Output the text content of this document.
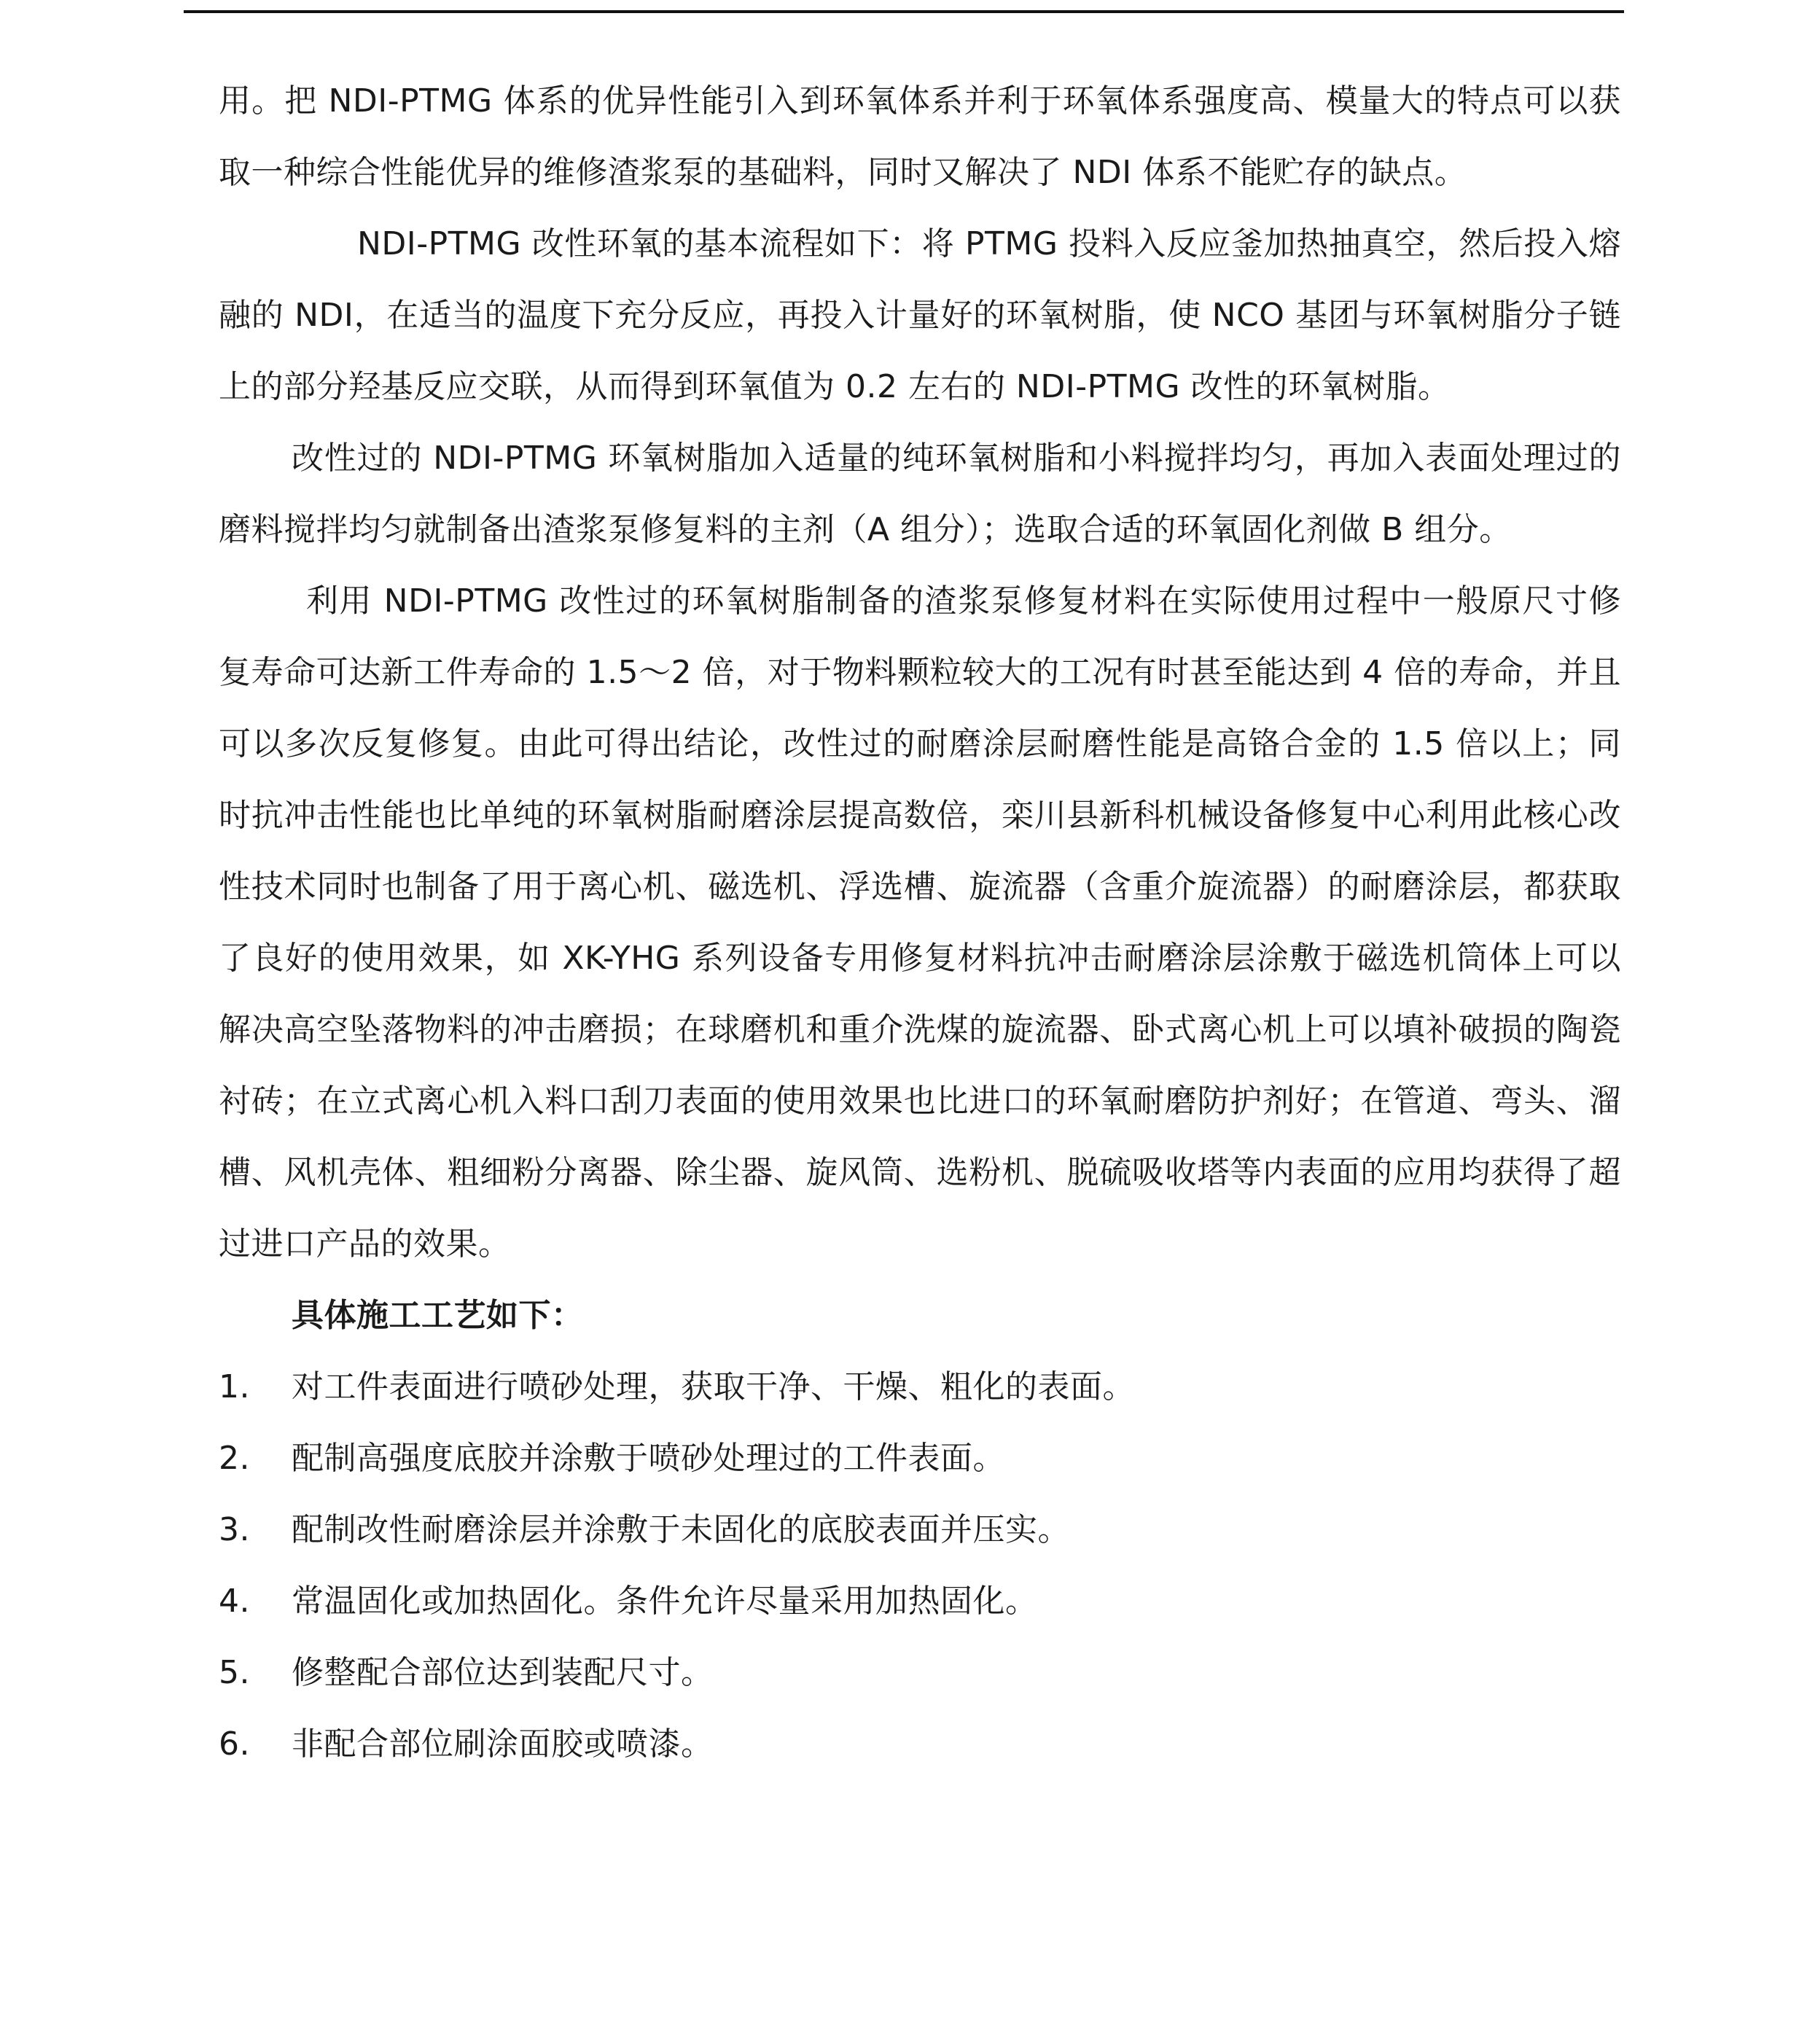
用。把 NDI-PTMG 体系的优异性能引入到环氧体系并利于环氧体系强度高、模量大的特点可以获取一种综合性能优异的维修渣浆泵的基础料，同时又解决了 NDI 体系不能贮存的缺点。

NDI-PTMG 改性环氧的基本流程如下：将 PTMG 投料入反应釜加热抽真空，然后投入熔融的 NDI，在适当的温度下充分反应，再投入计量好的环氧树脂，使 NCO 基团与环氧树脂分子链上的部分羟基反应交联，从而得到环氧值为 0.2 左右的 NDI-PTMG 改性的环氧树脂。

改性过的 NDI-PTMG 环氧树脂加入适量的纯环氧树脂和小料搅拌均匀，再加入表面处理过的磨料搅拌均匀就制备出渣浆泵修复料的主剂（A 组分）；选取合适的环氧固化剂做 B 组分。

利用 NDI-PTMG 改性过的环氧树脂制备的渣浆泵修复材料在实际使用过程中一般原尺寸修复寿命可达新工件寿命的 1.5～2 倍，对于物料颗粒较大的工况有时甚至能达到 4 倍的寿命，并且可以多次反复修复。由此可得出结论，改性过的耐磨涂层耐磨性能是高铬合金的 1.5 倍以上；同时抗冲击性能也比单纯的环氧树脂耐磨涂层提高数倍，栾川县新科机械设备修复中心利用此核心改性技术同时也制备了用于离心机、磁选机、浮选槽、旋流器（含重介旋流器）的耐磨涂层，都获取了良好的使用效果，如 XK-YHG 系列设备专用修复材料抗冲击耐磨涂层涂敷于磁选机筒体上可以解决高空坠落物料的冲击磨损；在球磨机和重介洗煤的旋流器、卧式离心机上可以填补破损的陶瓷衬砖；在立式离心机入料口刮刀表面的使用效果也比进口的环氧耐磨防护剂好；在管道、弯头、溜槽、风机壳体、粗细粉分离器、除尘器、旋风筒、选粉机、脱硫吸收塔等内表面的应用均获得了超过进口产品的效果。

具体施工工艺如下：

1.	对工件表面进行喷砂处理，获取干净、干燥、粗化的表面。
2.	配制高强度底胶并涂敷于喷砂处理过的工件表面。
3.	配制改性耐磨涂层并涂敷于未固化的底胶表面并压实。
4.	常温固化或加热固化。条件允许尽量采用加热固化。
5.	修整配合部位达到装配尺寸。
6.	非配合部位刷涂面胶或喷漆。
